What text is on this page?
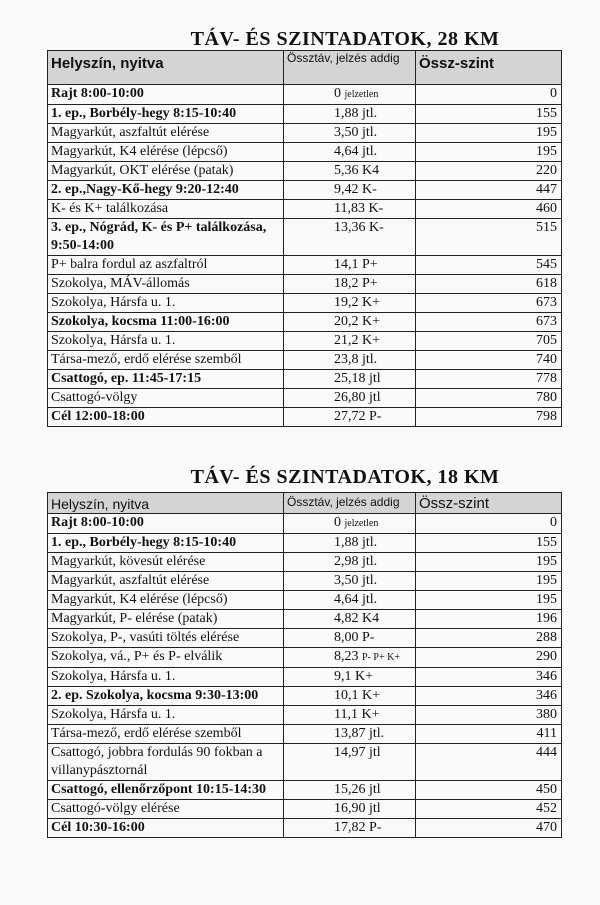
TÁV- ÉS SZINTADATOK, 28 KM
Helyszín, nyitva	Össztáv, jelzés addig	Össz-szint
Rajt 8:00-10:00	0 jelzetlen	0
1. ep., Borbély-hegy 8:15-10:40	1,88 jtl.	155
Magyarkút, aszfaltút elérése	3,50 jtl.	195
Magyarkút, K4 elérése (lépcső)	4,64 jtl.	195
Magyarkút, OKT elérése (patak)	5,36 K4	220
2. ep.,Nagy-Kő-hegy 9:20-12:40	9,42 K-	447
K- és K+ találkozása	11,83 K-	460
3. ep., Nógrád, K- és P+ találkozása, 9:50-14:00	13,36 K-	515
P+ balra fordul az aszfaltról	14,1 P+	545
Szokolya, MÁV-állomás	18,2 P+	618
Szokolya, Hársfa u. 1.	19,2 K+	673
Szokolya, kocsma 11:00-16:00	20,2 K+	673
Szokolya, Hársfa u. 1.	21,2 K+	705
Társa-mező, erdő elérése szemből	23,8 jtl.	740
Csattogó, ep. 11:45-17:15	25,18 jtl	778
Csattogó-völgy	26,80 jtl	780
Cél 12:00-18:00	27,72 P-	798
TÁV- ÉS SZINTADATOK, 18 KM
Helyszín, nyitva	Össztáv, jelzés addig	Össz-szint
Rajt 8:00-10:00	0 jelzetlen	0
1. ep., Borbély-hegy 8:15-10:40	1,88 jtl.	155
Magyarkút, kövesút elérése	2,98 jtl.	195
Magyarkút, aszfaltút elérése	3,50 jtl.	195
Magyarkút, K4 elérése (lépcső)	4,64 jtl.	195
Magyarkút, P- elérése (patak)	4,82 K4	196
Szokolya, P-, vasúti töltés elérése	8,00 P-	288
Szokolya, vá., P+ és P- elválik	8,23 P- P+ K+	290
Szokolya, Hársfa u. 1.	9,1 K+	346
2. ep. Szokolya, kocsma 9:30-13:00	10,1 K+	346
Szokolya, Hársfa u. 1.	11,1 K+	380
Társa-mező, erdő elérése szemből	13,87 jtl.	411
Csattogó, jobbra fordulás 90 fokban a villanypásztornál	14,97 jtl	444
Csattogó, ellenőrzőpont 10:15-14:30	15,26 jtl	450
Csattogó-völgy elérése	16,90 jtl	452
Cél 10:30-16:00	17,82 P-	470
